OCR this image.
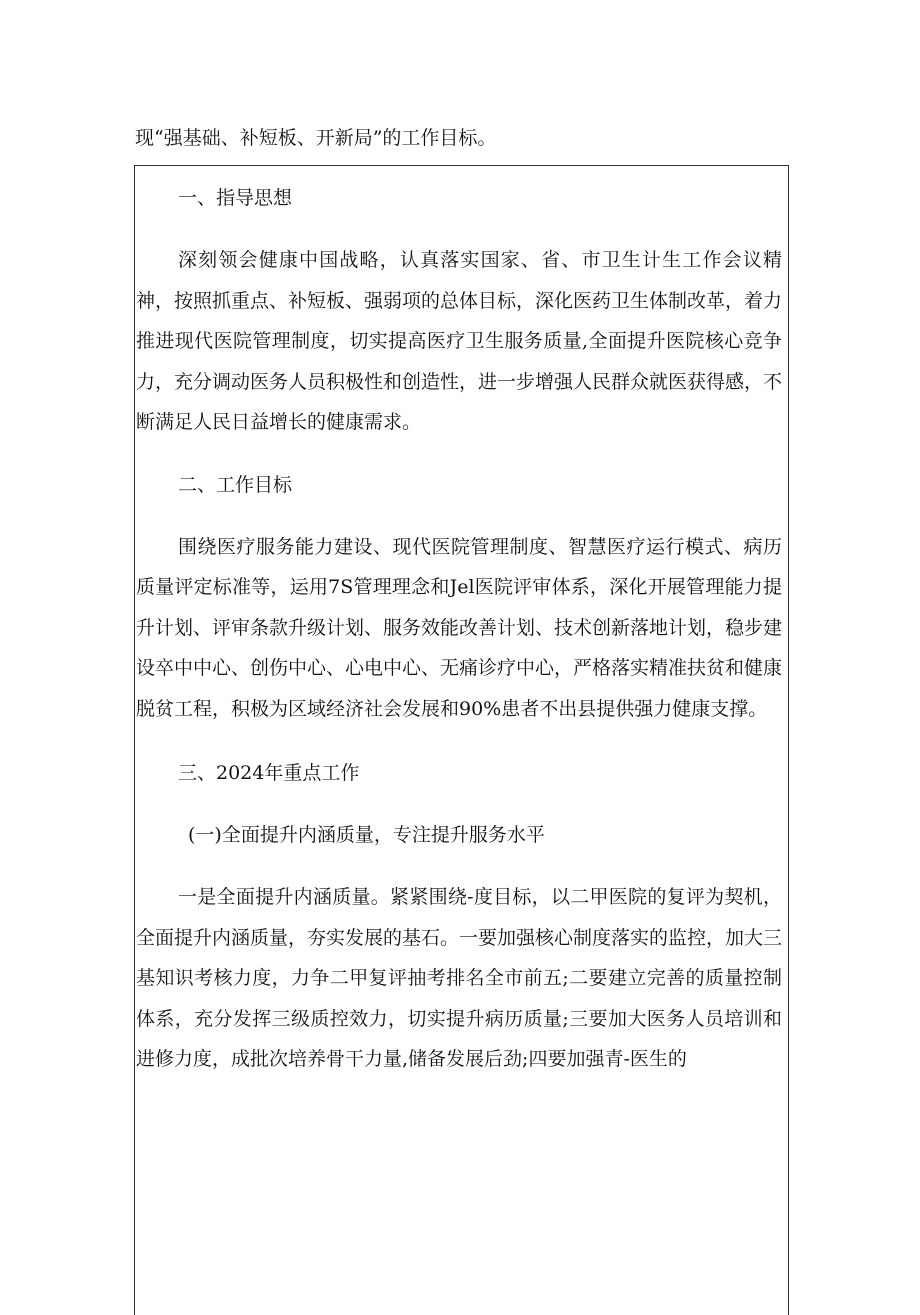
现“强基础、补短板、开新局”的工作目标。

一、指导思想

深刻领会健康中国战略，认真落实国家、省、市卫生计生工作会议精神，按照抓重点、补短板、强弱项的总体目标，深化医药卫生体制改革，着力推进现代医院管理制度，切实提高医疗卫生服务质量,全面提升医院核心竞争力，充分调动医务人员积极性和创造性，进一步增强人民群众就医获得感，不断满足人民日益增长的健康需求。

二、工作目标

围绕医疗服务能力建设、现代医院管理制度、智慧医疗运行模式、病历质量评定标准等，运用7S管理理念和Jel医院评审体系，深化开展管理能力提升计划、评审条款升级计划、服务效能改善计划、技术创新落地计划，稳步建设卒中中心、创伤中心、心电中心、无痛诊疗中心，严格落实精准扶贫和健康脱贫工程，积极为区域经济社会发展和90%患者不出县提供强力健康支撑。

三、2024年重点工作

(一)全面提升内涵质量，专注提升服务水平

一是全面提升内涵质量。紧紧围绕-度目标，以二甲医院的复评为契机，全面提升内涵质量，夯实发展的基石。一要加强核心制度落实的监控，加大三基知识考核力度，力争二甲复评抽考排名全市前五;二要建立完善的质量控制体系，充分发挥三级质控效力，切实提升病历质量;三要加大医务人员培训和进修力度，成批次培养骨干力量,储备发展后劲;四要加强青-医生的
